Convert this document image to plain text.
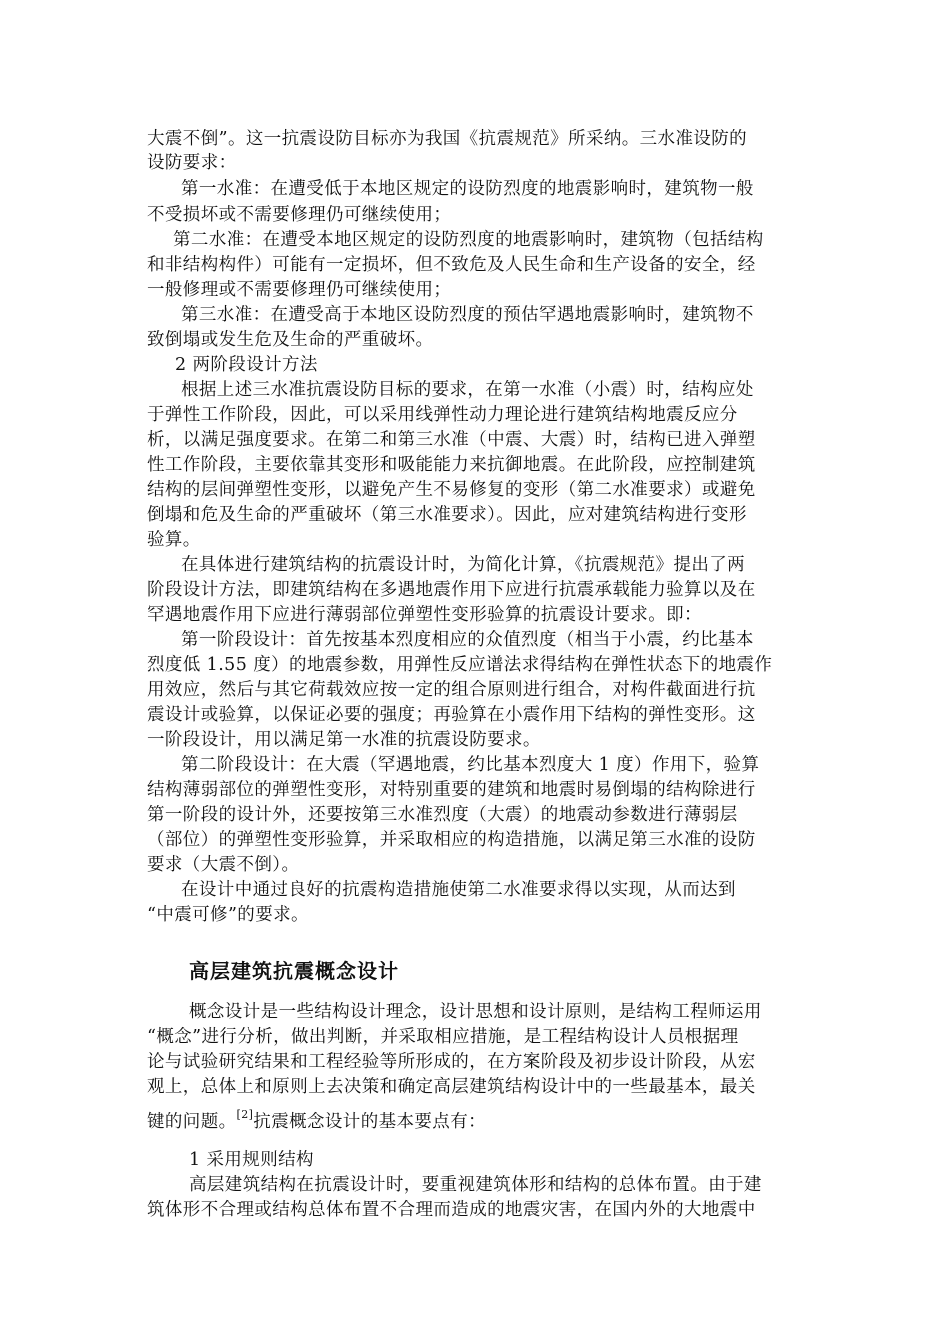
大震不倒”。这一抗震设防目标亦为我国《抗震规范》所采纳。三水准设防的
设防要求：
第一水准：在遭受低于本地区规定的设防烈度的地震影响时，建筑物一般
不受损坏或不需要修理仍可继续使用；
第二水准：在遭受本地区规定的设防烈度的地震影响时，建筑物（包括结构
和非结构构件）可能有一定损坏，但不致危及人民生命和生产设备的安全，经
一般修理或不需要修理仍可继续使用；
第三水准：在遭受高于本地区设防烈度的预估罕遇地震影响时，建筑物不
致倒塌或发生危及生命的严重破坏。
2 两阶段设计方法
根据上述三水准抗震设防目标的要求，在第一水准（小震）时，结构应处
于弹性工作阶段，因此，可以采用线弹性动力理论进行建筑结构地震反应分
析，以满足强度要求。在第二和第三水准（中震、大震）时，结构已进入弹塑
性工作阶段，主要依靠其变形和吸能能力来抗御地震。在此阶段，应控制建筑
结构的层间弹塑性变形，以避免产生不易修复的变形（第二水准要求）或避免
倒塌和危及生命的严重破坏（第三水准要求）。因此，应对建筑结构进行变形
验算。
在具体进行建筑结构的抗震设计时，为简化计算，《抗震规范》提出了两
阶段设计方法，即建筑结构在多遇地震作用下应进行抗震承载能力验算以及在
罕遇地震作用下应进行薄弱部位弹塑性变形验算的抗震设计要求。即：
第一阶段设计：首先按基本烈度相应的众值烈度（相当于小震，约比基本
烈度低 1.55 度）的地震参数，用弹性反应谱法求得结构在弹性状态下的地震作
用效应，然后与其它荷载效应按一定的组合原则进行组合，对构件截面进行抗
震设计或验算，以保证必要的强度；再验算在小震作用下结构的弹性变形。这
一阶段设计，用以满足第一水准的抗震设防要求。
第二阶段设计：在大震（罕遇地震，约比基本烈度大 1 度）作用下，验算
结构薄弱部位的弹塑性变形，对特别重要的建筑和地震时易倒塌的结构除进行
第一阶段的设计外，还要按第三水准烈度（大震）的地震动参数进行薄弱层
（部位）的弹塑性变形验算，并采取相应的构造措施，以满足第三水准的设防
要求（大震不倒）。
在设计中通过良好的抗震构造措施使第二水准要求得以实现，从而达到
“中震可修”的要求。
高层建筑抗震概念设计
概念设计是一些结构设计理念，设计思想和设计原则，是结构工程师运用
“概念”进行分析，做出判断，并采取相应措施，是工程结构设计人员根据理
论与试验研究结果和工程经验等所形成的，在方案阶段及初步设计阶段，从宏
观上，总体上和原则上去决策和确定高层建筑结构设计中的一些最基本，最关
键的问题。[2]抗震概念设计的基本要点有：
1 采用规则结构
高层建筑结构在抗震设计时，要重视建筑体形和结构的总体布置。由于建
筑体形不合理或结构总体布置不合理而造成的地震灾害，在国内外的大地震中
